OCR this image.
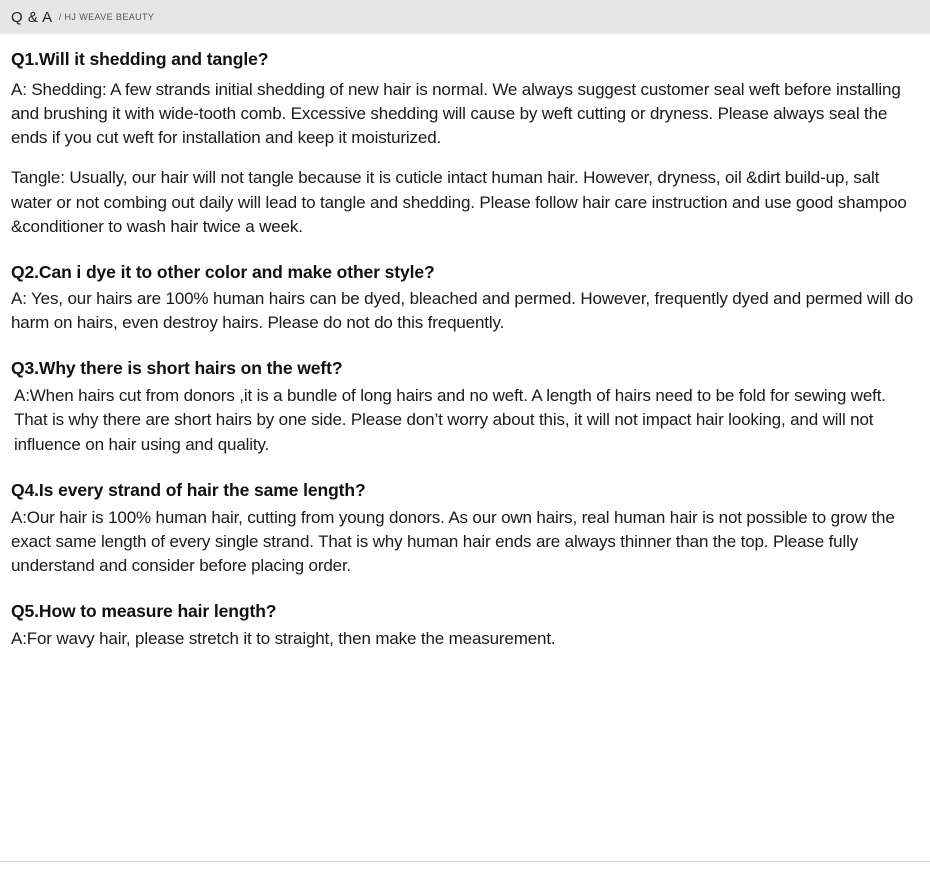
Q & A / HJ WEAVE BEAUTY

Q1.Will it shedding and tangle?

A: Shedding: A few strands initial shedding of new hair is normal. We always suggest customer seal weft before installing and brushing it with wide-tooth comb. Excessive shedding will cause by weft cutting or dryness. Please always seal the ends if you cut weft for installation and keep it moisturized.

Tangle: Usually, our hair will not tangle because it is cuticle intact human hair. However, dryness, oil &dirt build-up, salt water or not combing out daily will lead to tangle and shedding. Please follow hair care instruction and use good shampoo &conditioner to wash hair twice a week.

Q2.Can i dye it to other color and make other style?

A: Yes, our hairs are 100% human hairs can be dyed, bleached and permed. However, frequently dyed and permed will do harm on hairs, even destroy hairs. Please do not do this frequently.

Q3.Why there is short hairs on the weft?

A:When hairs cut from donors ,it is a bundle of long hairs and no weft. A length of hairs need to be fold for sewing weft. That is why there are short hairs by one side. Please don’t worry about this, it will not impact hair looking, and will not influence on hair using and quality.

Q4.Is every strand of hair the same length?

A:Our hair is 100% human hair, cutting from young donors. As our own hairs, real human hair is not possible to grow the exact same length of every single strand. That is why human hair ends are always thinner than the top. Please fully understand and consider before placing order.

Q5.How to measure hair length?

A:For wavy hair, please stretch it to straight, then make the measurement.
